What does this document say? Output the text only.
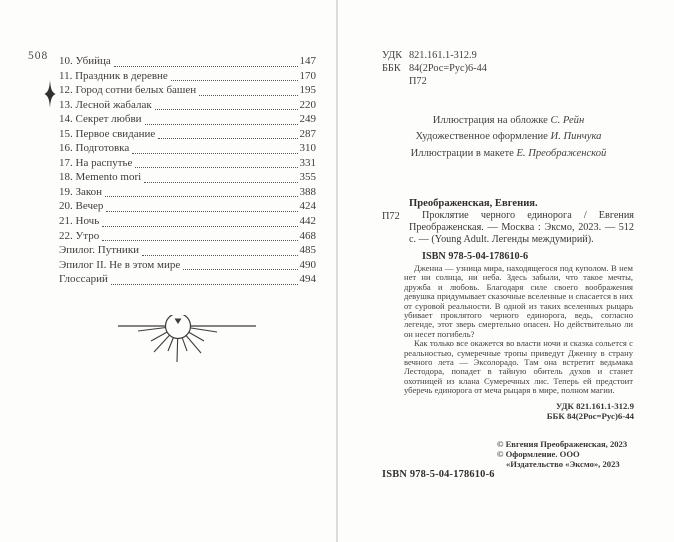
508 10. Убийца	147
11. Праздник в деревне	170
12. Город сотни белых башен	195
13. Лесной жабалак	220
14. Секрет любви	249
15. Первое свидание	287
16. Подготовка	310
17. На распутье	331
18. Memento mori	355
19. Закон	388
20. Вечер	424
21. Ночь	442
22. Утро	468
Эпилог. Путники	485
Эпилог II. Не в этом мире	490
Глоссарий	494
УДК 821.161.1-312.9
ББК 84(2Рос=Рус)6-44
П72
Иллюстрация на обложке С. Рейн
Художественное оформление И. Пинчука
Иллюстрации в макете Е. Преображенской
Преображенская, Евгения.
П72	Проклятие черного единорога / Евгения Преображенская. — Москва : Эксмо, 2023. — 512 с. — (Young Adult. Легенды междумирий).

ISBN 978-5-04-178610-6

Дженна — узница мира, находящегося под куполом. В нем нет ни солнца, ни неба. Здесь забыли, что такое мечты, дружба и любовь. Благодаря силе своего воображения девушка придумывает сказочные вселенные и спасается в них от суровой реальности. В одной из таких вселенных рыцарь убивает проклятого черного единорога, ведь, согласно легенде, этот зверь смертельно опасен. Но действительно ли он несет погибель?

Как только все окажется во власти ночи и сказка сольется с реальностью, сумеречные тропы приведут Дженну в страну вечного лета — Эксолорадо. Там она встретит ведьмака Лестодора, попадет в тайную обитель духов и станет охотницей из клана Сумеречных лис. Теперь ей предстоит уберечь единорога от меча рыцаря в мире, полном магии.

УДК 821.161.1-312.9
ББК 84(2Рос=Рус)6-44
© Евгения Преображенская, 2023
© Оформление. ООО «Издательство «Эксмо», 2023
ISBN 978-5-04-178610-6
